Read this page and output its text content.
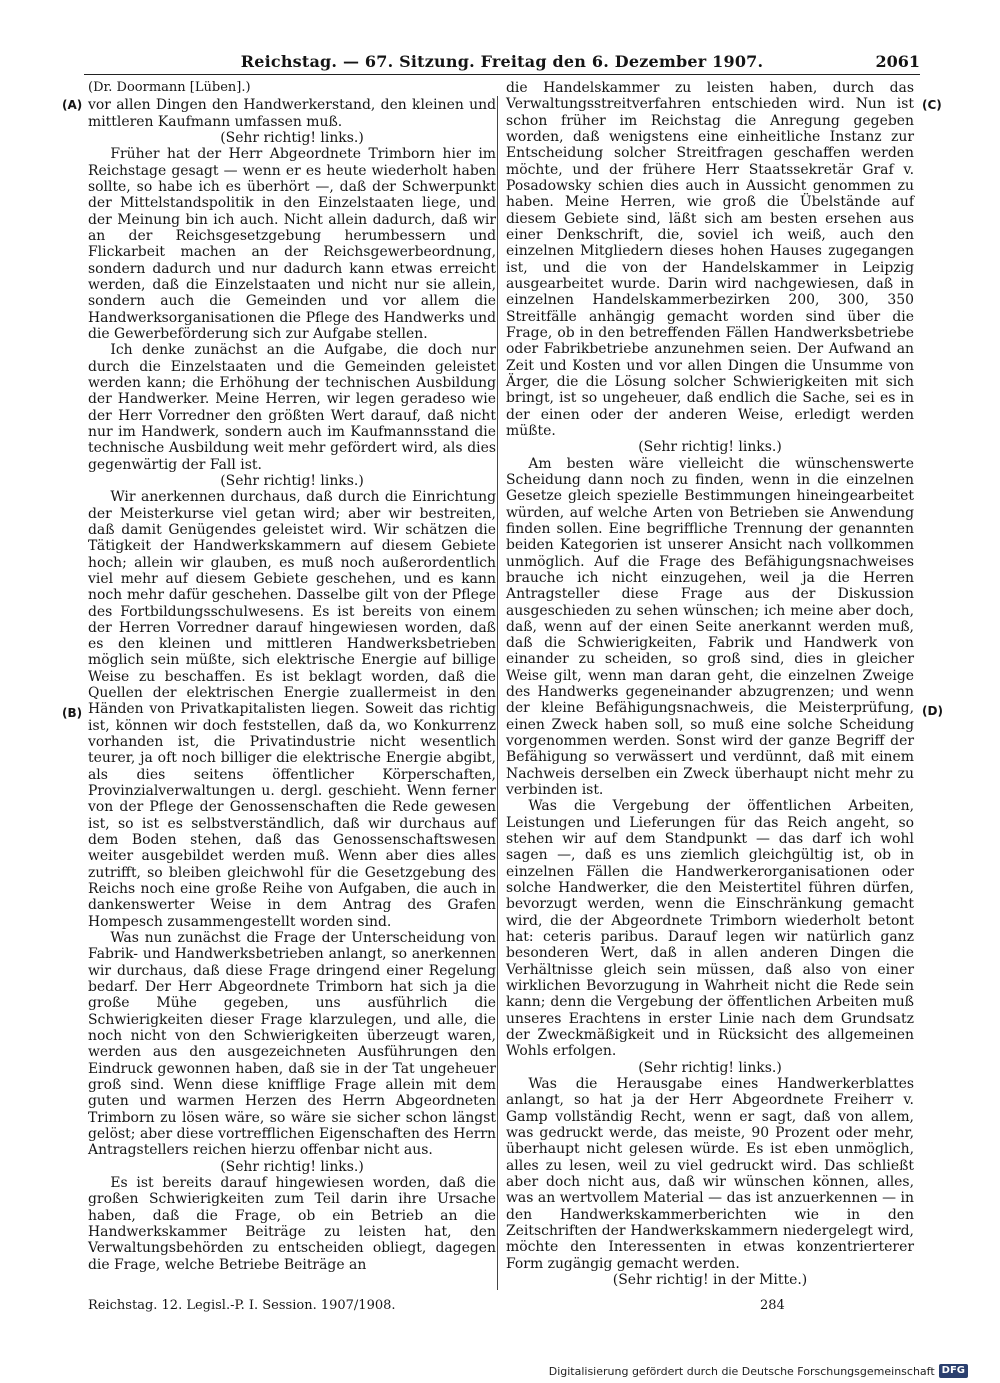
Reichstag. — 67. Sitzung. Freitag den 6. Dezember 1907.	2061
(A)
(B)
(C)
(D)

(Dr. Doormann [Lüben].)

vor allen Dingen den Handwerkerstand, den kleinen und mittleren Kaufmann umfassen muß.

(Sehr richtig! links.)

Früher hat der Herr Abgeordnete Trimborn hier im Reichstage gesagt — wenn er es heute wiederholt haben sollte, so habe ich es überhört —, daß der Schwerpunkt der Mittelstandspolitik in den Einzelstaaten liege, und der Meinung bin ich auch. Nicht allein dadurch, daß wir an der Reichsgesetzgebung herumbessern und Flickarbeit machen an der Reichsgewerbeordnung, sondern dadurch und nur dadurch kann etwas erreicht werden, daß die Einzelstaaten und nicht nur sie allein, sondern auch die Gemeinden und vor allem die Handwerksorganisationen die Pflege des Handwerks und die Gewerbeförderung sich zur Aufgabe stellen.

Ich denke zunächst an die Aufgabe, die doch nur durch die Einzelstaaten und die Gemeinden geleistet werden kann; die Erhöhung der technischen Ausbildung der Handwerker. Meine Herren, wir legen geradeso wie der Herr Vorredner den größten Wert darauf, daß nicht nur im Handwerk, sondern auch im Kaufmannsstand die technische Ausbildung weit mehr gefördert wird, als dies gegenwärtig der Fall ist.

(Sehr richtig! links.)

Wir anerkennen durchaus, daß durch die Einrichtung der Meisterkurse viel getan wird; aber wir bestreiten, daß damit Genügendes geleistet wird. Wir schätzen die Tätigkeit der Handwerkskammern auf diesem Gebiete hoch; allein wir glauben, es muß noch außerordentlich viel mehr auf diesem Gebiete geschehen, und es kann noch mehr dafür geschehen. Dasselbe gilt von der Pflege des Fortbildungsschulwesens. Es ist bereits von einem der Herren Vorredner darauf hingewiesen worden, daß es den kleinen und mittleren Handwerksbetrieben möglich sein müßte, sich elektrische Energie auf billige Weise zu beschaffen. Es ist beklagt worden, daß die Quellen der elektrischen Energie zuallermeist in den Händen von Privatkapitalisten liegen. Soweit das richtig ist, können wir doch feststellen, daß da, wo Konkurrenz vorhanden ist, die Privatindustrie nicht wesentlich teurer, ja oft noch billiger die elektrische Energie abgibt, als dies seitens öffentlicher Körperschaften, Provinzialverwaltungen u. dergl. geschieht. Wenn ferner von der Pflege der Genossenschaften die Rede gewesen ist, so ist es selbstverständlich, daß wir durchaus auf dem Boden stehen, daß das Genossenschaftswesen weiter ausgebildet werden muß. Wenn aber dies alles zutrifft, so bleiben gleichwohl für die Gesetzgebung des Reichs noch eine große Reihe von Aufgaben, die auch in dankenswerter Weise in dem Antrag des Grafen Hompesch zusammengestellt worden sind.

Was nun zunächst die Frage der Unterscheidung von Fabrik- und Handwerksbetrieben anlangt, so anerkennen wir durchaus, daß diese Frage dringend einer Regelung bedarf. Der Herr Abgeordnete Trimborn hat sich ja die große Mühe gegeben, uns ausführlich die Schwierigkeiten dieser Frage klarzulegen, und alle, die noch nicht von den Schwierigkeiten überzeugt waren, werden aus den ausgezeichneten Ausführungen den Eindruck gewonnen haben, daß sie in der Tat ungeheuer groß sind. Wenn diese knifflige Frage allein mit dem guten und warmen Herzen des Herrn Abgeordneten Trimborn zu lösen wäre, so wäre sie sicher schon längst gelöst; aber diese vortrefflichen Eigenschaften des Herrn Antragstellers reichen hierzu offenbar nicht aus.

(Sehr richtig! links.)

Es ist bereits darauf hingewiesen worden, daß die großen Schwierigkeiten zum Teil darin ihre Ursache haben, daß die Frage, ob ein Betrieb an die Handwerkskammer Beiträge zu leisten hat, den Verwaltungsbehörden zu entscheiden obliegt, dagegen die Frage, welche Betriebe Beiträge an

die Handelskammer zu leisten haben, durch das Verwaltungsstreitverfahren entschieden wird. Nun ist schon früher im Reichstag die Anregung gegeben worden, daß wenigstens eine einheitliche Instanz zur Entscheidung solcher Streitfragen geschaffen werden möchte, und der frühere Herr Staatssekretär Graf v. Posadowsky schien dies auch in Aussicht genommen zu haben. Meine Herren, wie groß die Übelstände auf diesem Gebiete sind, läßt sich am besten ersehen aus einer Denkschrift, die, soviel ich weiß, auch den einzelnen Mitgliedern dieses hohen Hauses zugegangen ist, und die von der Handelskammer in Leipzig ausgearbeitet wurde. Darin wird nachgewiesen, daß in einzelnen Handelskammerbezirken 200, 300, 350 Streitfälle anhängig gemacht worden sind über die Frage, ob in den betreffenden Fällen Handwerksbetriebe oder Fabrikbetriebe anzunehmen seien. Der Aufwand an Zeit und Kosten und vor allen Dingen die Unsumme von Ärger, die die Lösung solcher Schwierigkeiten mit sich bringt, ist so ungeheuer, daß endlich die Sache, sei es in der einen oder der anderen Weise, erledigt werden müßte.

(Sehr richtig! links.)

Am besten wäre vielleicht die wünschenswerte Scheidung dann noch zu finden, wenn in die einzelnen Gesetze gleich spezielle Bestimmungen hineingearbeitet würden, auf welche Arten von Betrieben sie Anwendung finden sollen. Eine begriffliche Trennung der genannten beiden Kategorien ist unserer Ansicht nach vollkommen unmöglich. Auf die Frage des Befähigungsnachweises brauche ich nicht einzugehen, weil ja die Herren Antragsteller diese Frage aus der Diskussion ausgeschieden zu sehen wünschen; ich meine aber doch, daß, wenn auf der einen Seite anerkannt werden muß, daß die Schwierigkeiten, Fabrik und Handwerk von einander zu scheiden, so groß sind, dies in gleicher Weise gilt, wenn man daran geht, die einzelnen Zweige des Handwerks gegeneinander abzugrenzen; und wenn der kleine Befähigungsnachweis, die Meisterprüfung, einen Zweck haben soll, so muß eine solche Scheidung vorgenommen werden. Sonst wird der ganze Begriff der Befähigung so verwässert und verdünnt, daß mit einem Nachweis derselben ein Zweck überhaupt nicht mehr zu verbinden ist.

Was die Vergebung der öffentlichen Arbeiten, Leistungen und Lieferungen für das Reich angeht, so stehen wir auf dem Standpunkt — das darf ich wohl sagen —, daß es uns ziemlich gleichgültig ist, ob in einzelnen Fällen die Handwerkerorganisationen oder solche Handwerker, die den Meistertitel führen dürfen, bevorzugt werden, wenn die Einschränkung gemacht wird, die der Abgeordnete Trimborn wiederholt betont hat: ceteris paribus. Darauf legen wir natürlich ganz besonderen Wert, daß in allen anderen Dingen die Verhältnisse gleich sein müssen, daß also von einer wirklichen Bevorzugung in Wahrheit nicht die Rede sein kann; denn die Vergebung der öffentlichen Arbeiten muß unseres Erachtens in erster Linie nach dem Grundsatz der Zweckmäßigkeit und in Rücksicht des allgemeinen Wohls erfolgen.

(Sehr richtig! links.)

Was die Herausgabe eines Handwerkerblattes anlangt, so hat ja der Herr Abgeordnete Freiherr v. Gamp vollständig Recht, wenn er sagt, daß von allem, was gedruckt werde, das meiste, 90 Prozent oder mehr, überhaupt nicht gelesen würde. Es ist eben unmöglich, alles zu lesen, weil zu viel gedruckt wird. Das schließt aber doch nicht aus, daß wir wünschen können, alles, was an wertvollem Material — das ist anzuerkennen — in den Handwerkskammerberichten wie in den Zeitschriften der Handwerkskammern niedergelegt wird, möchte den Interessenten in etwas konzentrierterer Form zugängig gemacht werden.

(Sehr richtig! in der Mitte.)

Reichstag. 12. Legisl.-P. I. Session. 1907/1908.	284
Digitalisierung gefördert durch die Deutsche Forschungsgemeinschaft DFG
